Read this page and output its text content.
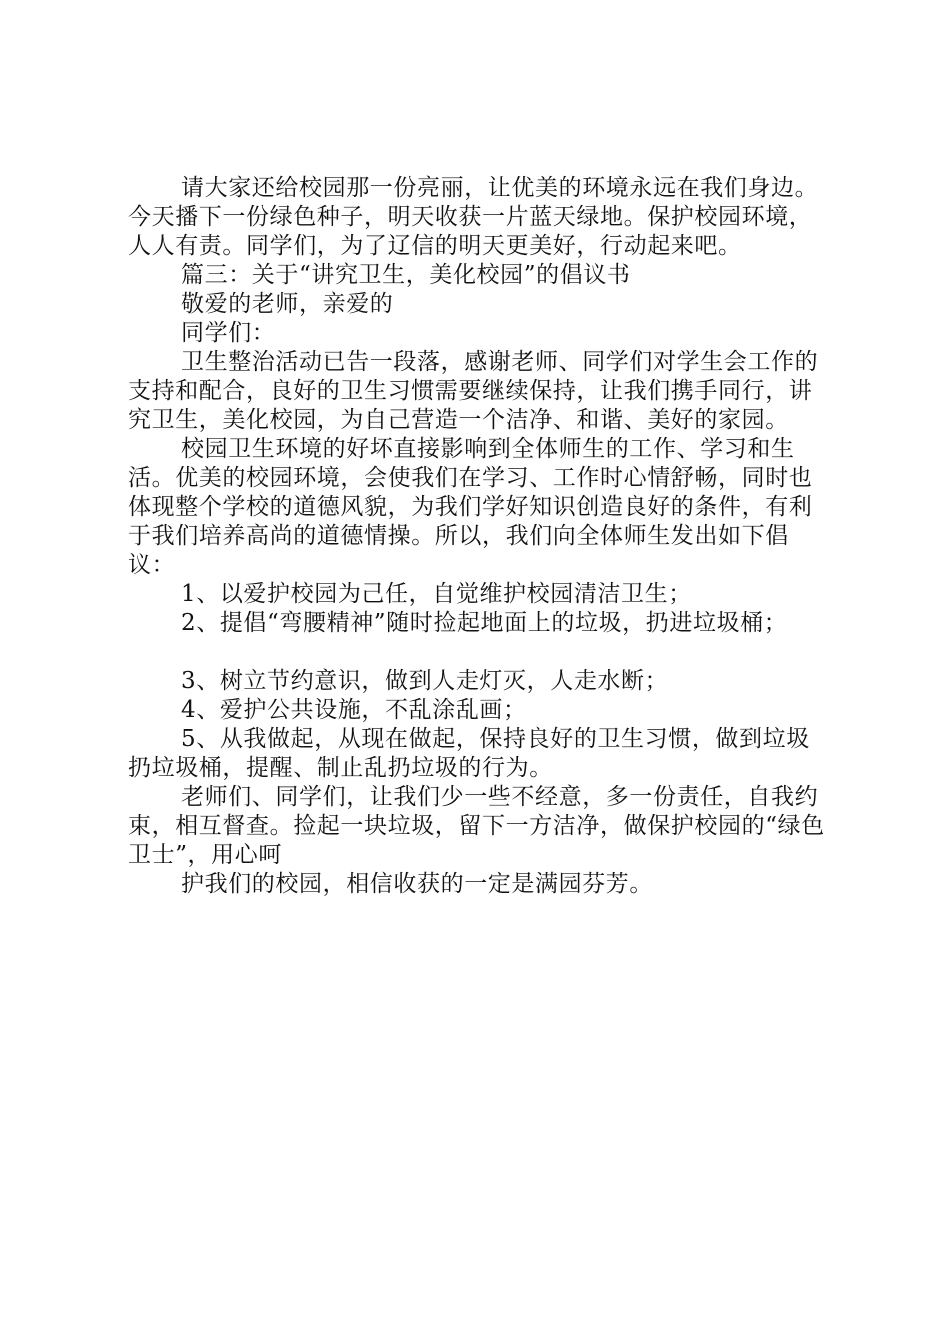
请大家还给校园那一份亮丽，让优美的环境永远在我们身边。今天播下一份绿色种子，明天收获一片蓝天绿地。保护校园环境，人人有责。同学们，为了辽信的明天更美好，行动起来吧。

篇三：关于“讲究卫生，美化校园”的倡议书

敬爱的老师，亲爱的

同学们：

卫生整治活动已告一段落，感谢老师、同学们对学生会工作的支持和配合，良好的卫生习惯需要继续保持，让我们携手同行，讲究卫生，美化校园，为自己营造一个洁净、和谐、美好的家园。

校园卫生环境的好坏直接影响到全体师生的工作、学习和生活。优美的校园环境，会使我们在学习、工作时心情舒畅，同时也体现整个学校的道德风貌，为我们学好知识创造良好的条件，有利于我们培养高尚的道德情操。所以，我们向全体师生发出如下倡议：

1、以爱护校园为己任，自觉维护校园清洁卫生；

2、提倡“弯腰精神”随时捡起地面上的垃圾，扔进垃圾桶；

3、树立节约意识，做到人走灯灭，人走水断；

4、爱护公共设施，不乱涂乱画；

5、从我做起，从现在做起，保持良好的卫生习惯，做到垃圾扔垃圾桶，提醒、制止乱扔垃圾的行为。

老师们、同学们，让我们少一些不经意，多一份责任，自我约束，相互督查。捡起一块垃圾，留下一方洁净，做保护校园的“绿色卫士”，用心呵

护我们的校园，相信收获的一定是满园芬芳。
